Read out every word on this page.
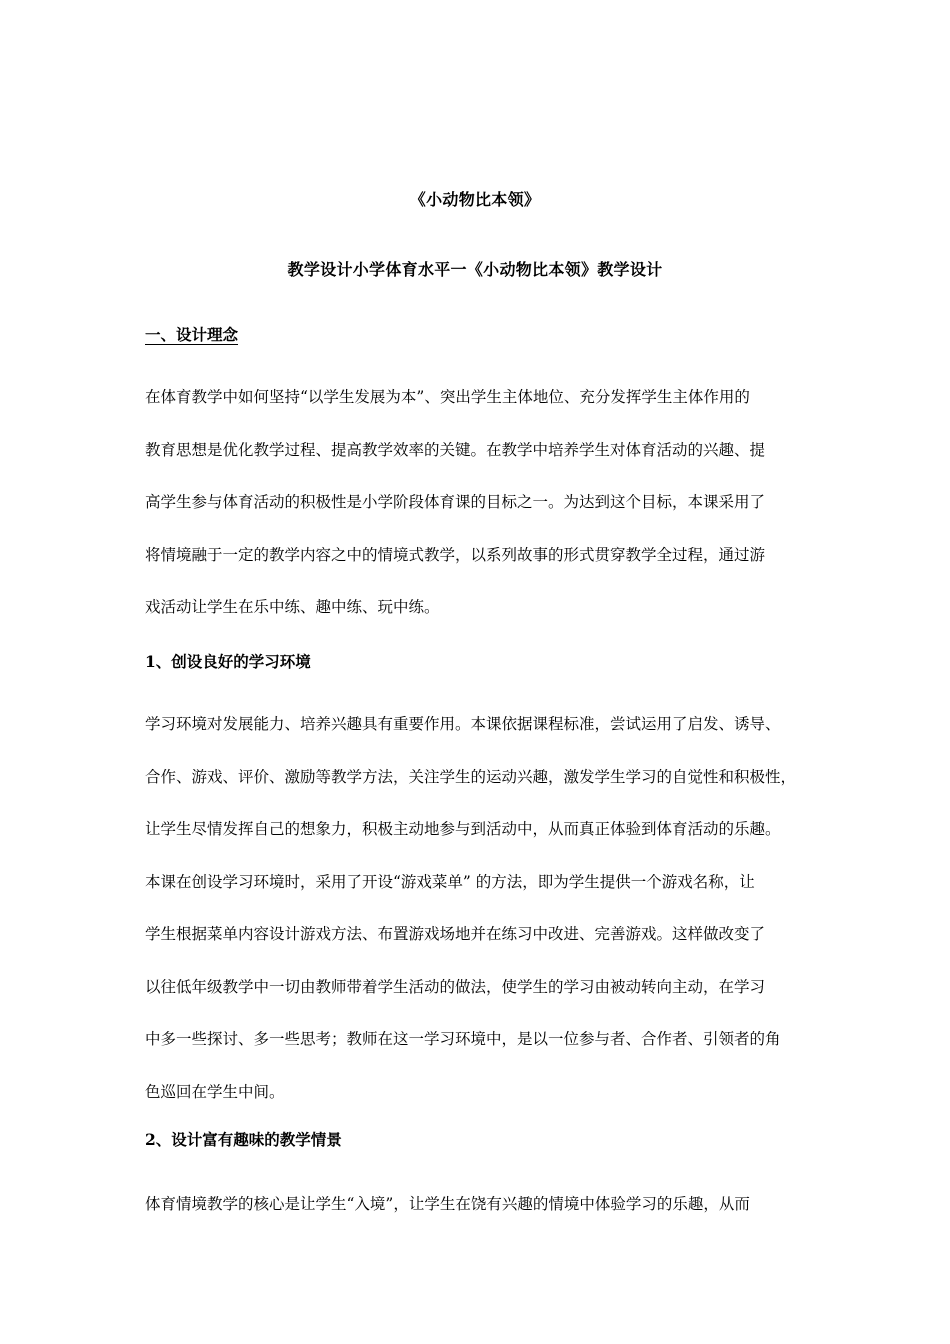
《小动物比本领》
教学设计小学体育水平一《小动物比本领》教学设计
一、设计理念
在体育教学中如何坚持“以学生发展为本”、突出学生主体地位、充分发挥学生主体作用的
教育思想是优化教学过程、提高教学效率的关键。在教学中培养学生对体育活动的兴趣、提
高学生参与体育活动的积极性是小学阶段体育课的目标之一。为达到这个目标，本课采用了
将情境融于一定的教学内容之中的情境式教学，以系列故事的形式贯穿教学全过程，通过游
戏活动让学生在乐中练、趣中练、玩中练。
1、创设良好的学习环境
学习环境对发展能力、培养兴趣具有重要作用。本课依据课程标准，尝试运用了启发、诱导、
合作、游戏、评价、激励等教学方法，关注学生的运动兴趣，激发学生学习的自觉性和积极性，
让学生尽情发挥自己的想象力，积极主动地参与到活动中，从而真正体验到体育活动的乐趣。
本课在创设学习环境时，采用了开设“游戏菜单” 的方法，即为学生提供一个游戏名称，让
学生根据菜单内容设计游戏方法、布置游戏场地并在练习中改进、完善游戏。这样做改变了
以往低年级教学中一切由教师带着学生活动的做法，使学生的学习由被动转向主动，在学习
中多一些探讨、多一些思考；教师在这一学习环境中，是以一位参与者、合作者、引领者的角
色巡回在学生中间。
2、设计富有趣味的教学情景
体育情境教学的核心是让学生“入境”，让学生在饶有兴趣的情境中体验学习的乐趣，从而
